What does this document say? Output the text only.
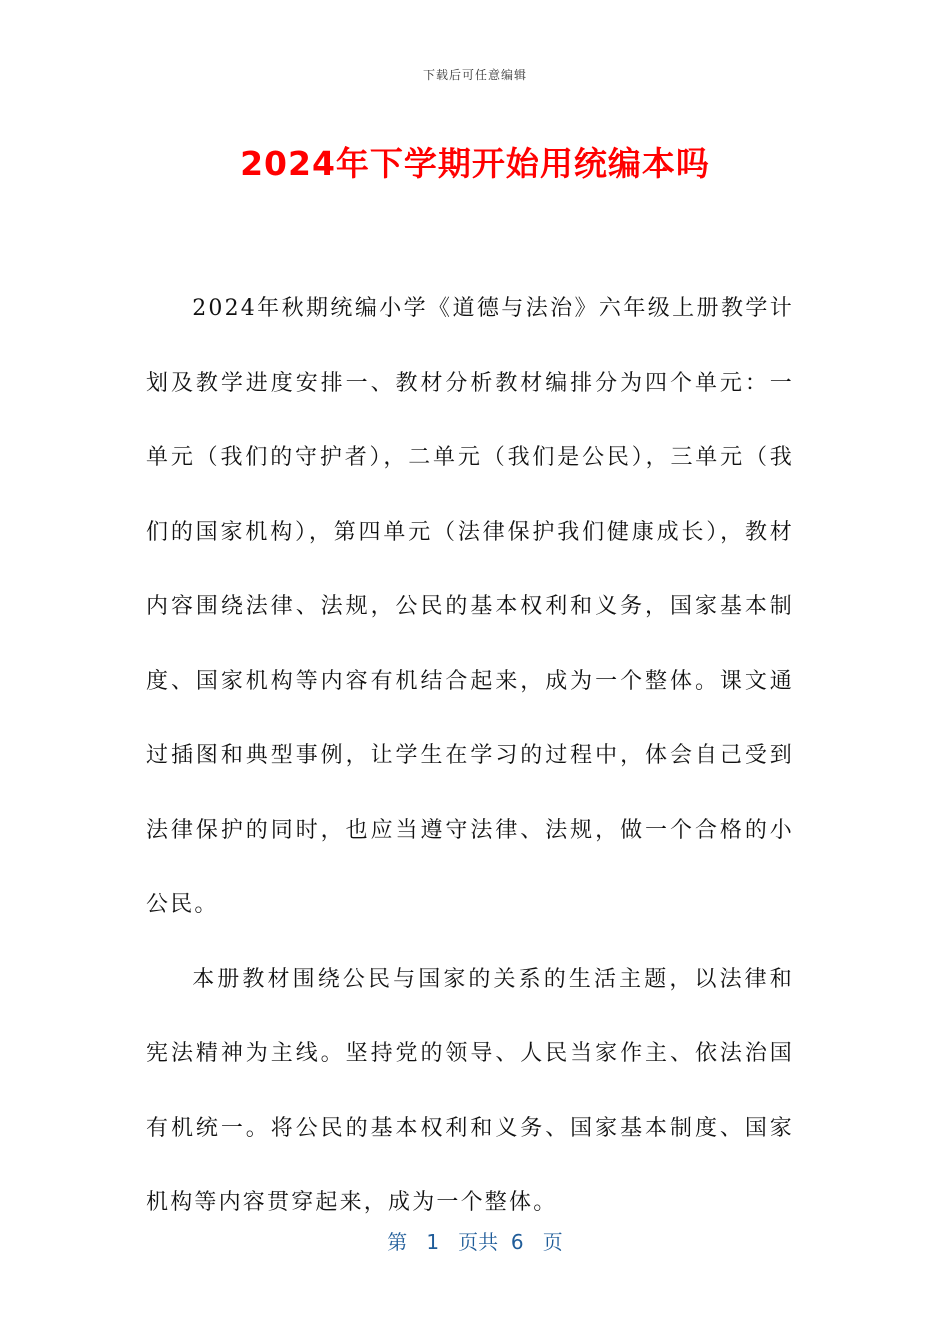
下载后可任意编辑
2024年下学期开始用统编本吗

2024年秋期统编小学《道德与法治》六年级上册教学计划及教学进度安排一、教材分析教材编排分为四个单元：一单元（我们的守护者），二单元（我们是公民），三单元（我们的国家机构），第四单元（法律保护我们健康成长），教材内容围绕法律、法规，公民的基本权利和义务，国家基本制度、国家机构等内容有机结合起来，成为一个整体。课文通过插图和典型事例，让学生在学习的过程中，体会自己受到法律保护的同时，也应当遵守法律、法规，做一个合格的小公民。

本册教材围绕公民与国家的关系的生活主题，以法律和宪法精神为主线。坚持党的领导、人民当家作主、依法治国有机统一。将公民的基本权利和义务、国家基本制度、国家机构等内容贯穿起来，成为一个整体。

第 1 页共 6 页
